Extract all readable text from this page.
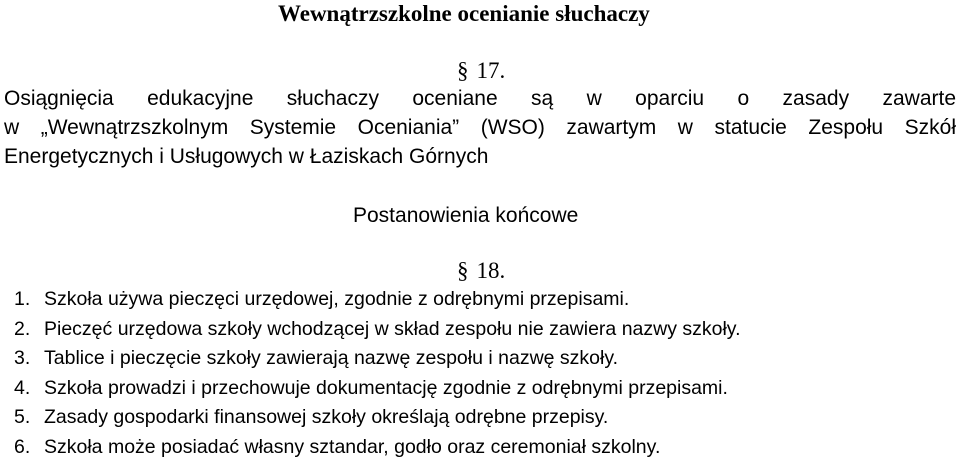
Wewnątrzszkolne ocenianie słuchaczy
§ 17.
Osiągnięcia edukacyjne słuchaczy oceniane są w oparciu o zasady zawarte
w „Wewnątrzszkolnym Systemie Oceniania” (WSO) zawartym w statucie Zespołu Szkół
Energetycznych i Usługowych w Łaziskach Górnych
Postanowienia końcowe
§ 18.
1. Szkoła używa pieczęci urzędowej, zgodnie z odrębnymi przepisami.
2. Pieczęć urzędowa szkoły wchodzącej w skład zespołu nie zawiera nazwy szkoły.
3. Tablice i pieczęcie szkoły zawierają nazwę zespołu i nazwę szkoły.
4. Szkoła prowadzi i przechowuje dokumentację zgodnie z odrębnymi przepisami.
5. Zasady gospodarki finansowej szkoły określają odrębne przepisy.
6. Szkoła może posiadać własny sztandar, godło oraz ceremoniał szkolny.
